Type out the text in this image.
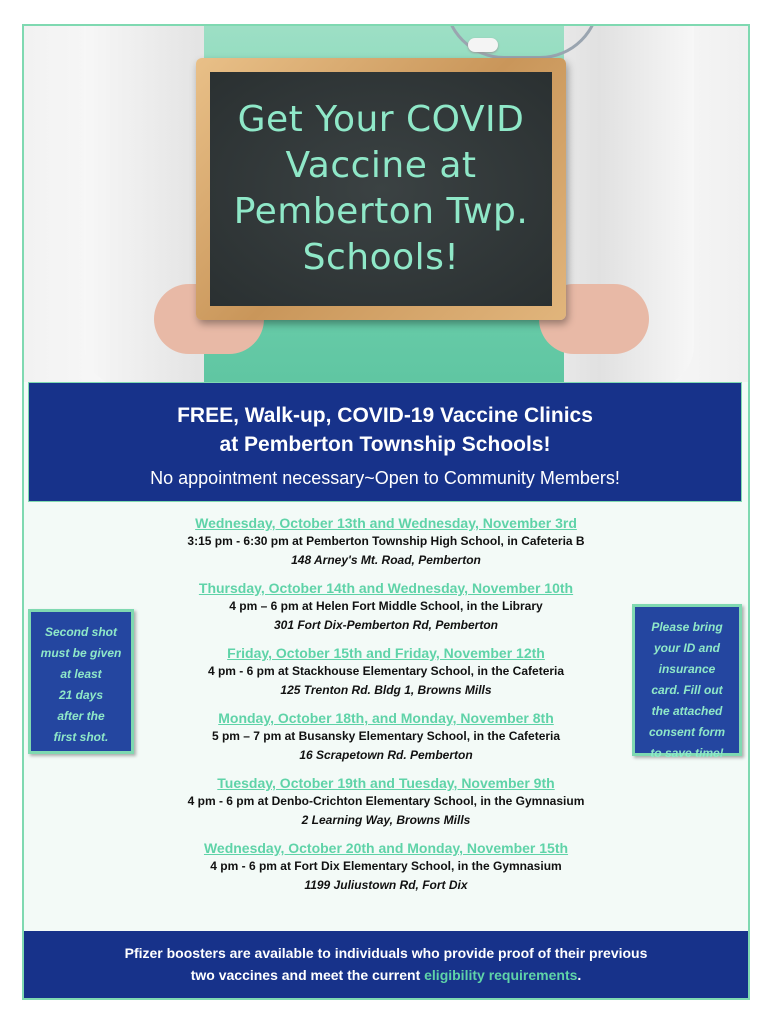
Get Your COVID
Vaccine at
Pemberton Twp.
Schools!

FREE, Walk-up, COVID-19 Vaccine Clinics
at Pemberton Township Schools!

No appointment necessary~Open to Community Members!

Wednesday, October 13th and Wednesday, November 3rd
3:15 pm - 6:30 pm at Pemberton Township High School, in Cafeteria B
148 Arney's Mt. Road, Pemberton
Thursday, October 14th and Wednesday, November 10th
4 pm – 6 pm at Helen Fort Middle School, in the Library
301 Fort Dix-Pemberton Rd, Pemberton
Friday, October 15th and Friday, November 12th
4 pm - 6 pm at Stackhouse Elementary School, in the Cafeteria
125 Trenton Rd. Bldg 1, Browns Mills
Monday, October 18th, and Monday, November 8th
5 pm – 7 pm at Busansky Elementary School, in the Cafeteria
16 Scrapetown Rd. Pemberton
Tuesday, October 19th and Tuesday, November 9th
4 pm - 6 pm at Denbo-Crichton Elementary School, in the Gymnasium
2 Learning Way, Browns Mills
Wednesday, October 20th and Monday, November 15th
4 pm - 6 pm at Fort Dix Elementary School, in the Gymnasium
1199 Juliustown Rd, Fort Dix
Second shot
must be given
at least
21 days
after the
first shot.
Please bring
your ID and
insurance
card. Fill out
the attached
consent form
to save time!
Pfizer boosters are available to individuals who provide proof of their previous
two vaccines and meet the current eligibility requirements.
